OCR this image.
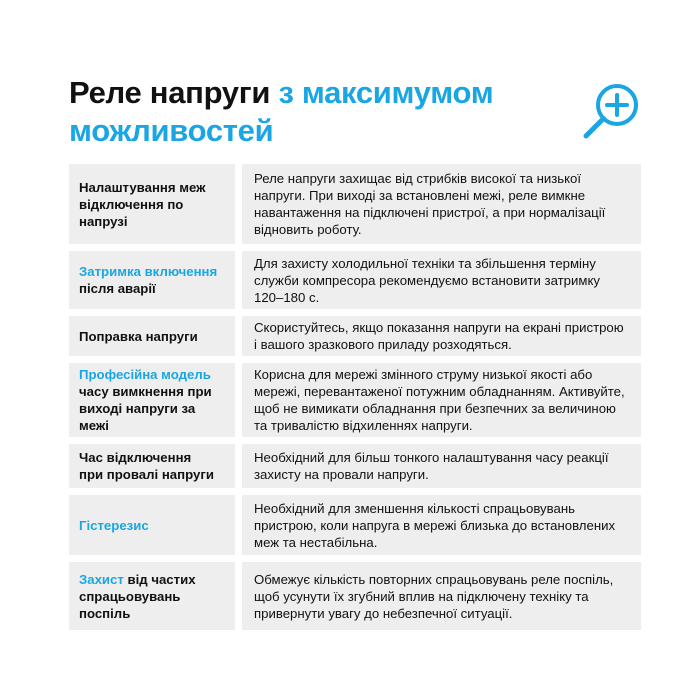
Реле напруги з максимумом
можливостей
Налаштування меж відключення по напрузі
Реле напруги захищає від стрибків високої та низької напруги. При виході за встановлені межі, реле вимкне навантаження на підключені пристрої, а при нормалізації відновить роботу.
Затримка включення
після аварії
Для захисту холодильної техніки та збільшення терміну служби компресора рекомендуємо встановити затримку 120–180 с.
Поправка напруги
Скористуйтесь, якщо показання напруги на екрані пристрою і вашого зразкового приладу розходяться.
Професійна модель
часу вимкнення при виході напруги за межі
Корисна для мережі змінного струму низької якості або мережі, перевантаженої потужним обладнанням. Активуйте, щоб не вимикати обладнання при безпечних за величиною та тривалістю відхиленнях напруги.
Час відключення при провалі напруги
Необхідний для більш тонкого налаштування часу реакції захисту на провали напруги.
Гістерезис
Необхідний для зменшення кількості спрацьовувань пристрою, коли напруга в мережі близька до встановлених меж та нестабільна.
Захист від частих спрацьовувань поспіль
Обмежує кількість повторних спрацьовувань реле поспіль, щоб усунути їх згубний вплив на підключену техніку та привернути увагу до небезпечної ситуації.
